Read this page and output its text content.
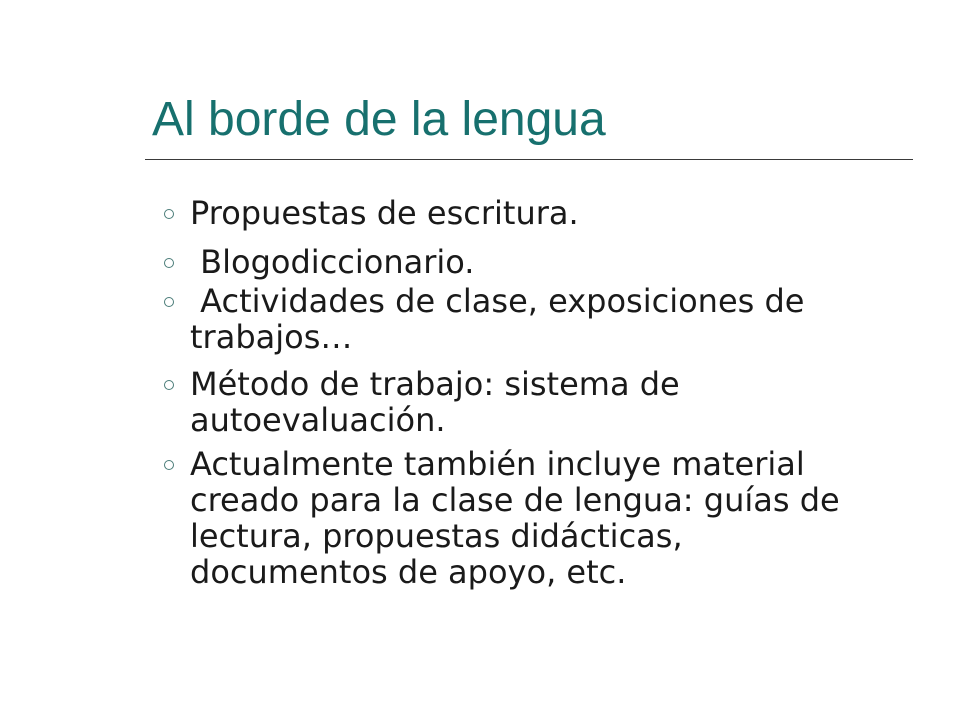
Al borde de la lengua
Propuestas de escritura.
Blogodiccionario.
Actividades de clase, exposiciones de
trabajos…
Método de trabajo: sistema de
autoevaluación.
Actualmente también incluye material
creado para la clase de lengua: guías de
lectura, propuestas didácticas,
documentos de apoyo, etc.
